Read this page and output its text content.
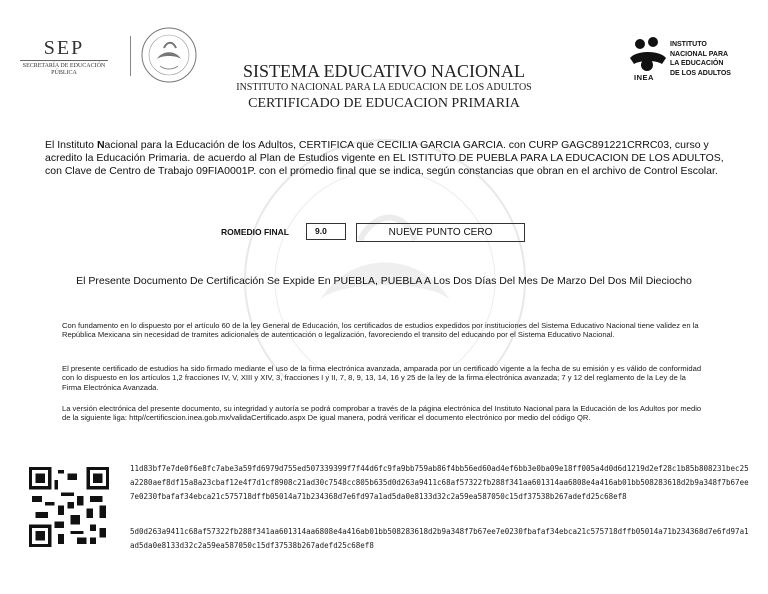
SEP
SECRETARÍA DE EDUCACIÓN PÚBLICA	SISTEMA EDUCATIVO NACIONAL
INSTITUTO NACIONAL PARA LA EDUCACION DE LOS ADULTOS
CERTIFICADO DE EDUCACION PRIMARIA
INSTITUTO
NACIONAL PARA
LA EDUCACIÓN
DE LOS ADULTOS
INEA
El Instituto Nacional para la Educación de los Adultos, CERTIFICA que CECILIA GARCIA GARCIA. con CURP GAGC891221CRRC03, curso y acredito la Educación Primaria. de acuerdo al Plan de Estudios vigente en EL ISTITUTO DE PUEBLA PARA LA EDUCACION DE LOS ADULTOS, con Clave de Centro de Trabajo 09FIA0001P. con el promedio final que se indica, según constancias que obran en el archivo de Control Escolar.
ROMEDIO FINAL	9.0	NUEVE PUNTO CERO
El Presente Documento De Certificación Se Expide En PUEBLA, PUEBLA A Los Dos Días Del Mes De Marzo Del Dos Mil Dieciocho
Con fundamento en lo dispuesto por el artículo 60 de la ley General de Educación, los certificados de estudios expedidos por instituciones del Sistema Educativo Nacional tiene validez en la República Mexicana sin necesidad de tramites adicionales de autenticación o legalización, favoreciendo el transito del educando por el Sistema Educativo Nacional.
El presente certificado de estudios ha sido firmado mediante el uso de la firma electrónica avanzada, amparada por un certificado vigente a la fecha de su emisión y es válido de conformidad con lo dispuesto en los artículos 1,2 fracciones IV, V, XIII y XIV, 3, fracciones I y II, 7, 8, 9, 13, 14, 16 y 25 de la ley de la firma electrónica avanzada; 7 y 12 del reglamento de la Ley de la Firma Electrónica Avanzada.
La versión electrónica del presente documento, su integridad y autoría se podrá comprobar a través de la página electrónica del Instituto Nacional para la Educación de los Adultos por medio de la siguiente liga: http//certificscion.inea.gob.mx/validaCertificado.aspx De igual manera, podrá verificar el documento electrónico por medio del código QR.
11d83bf7e7de0f6e8fc7abe3a59fd6979d755ed507339399f7f44d6fc9fa9bb759ab86f4bb56ed60ad4ef6bb3e0ba09e18ff005a4d0d6d1219d2ef28c1b85b808231bec25a2280aef8df15a8a23cbaf12e4f7d1cf8908c21ad30c7548cc805b635d0d263a9411c68af57322fb288f341aa601314aa6808e4a416ab01bb508283618d2b9a348f7b67ee7e0230fbafaf34ebca21c575718dffb05014a71b234368d7e6fd97a1ad5da0e8133d32c2a59ea587050c15df37538b267adefd25c68ef8
5d0d263a9411c68af57322fb288f341aa601314aa6808e4a416ab01bb508283618d2b9a348f7b67ee7e0230fbafaf34ebca21c575718dffb05014a71b234368d7e6fd97a1ad5da0e8133d32c2a59ea587050c15df37538b267adefd25c68ef8
